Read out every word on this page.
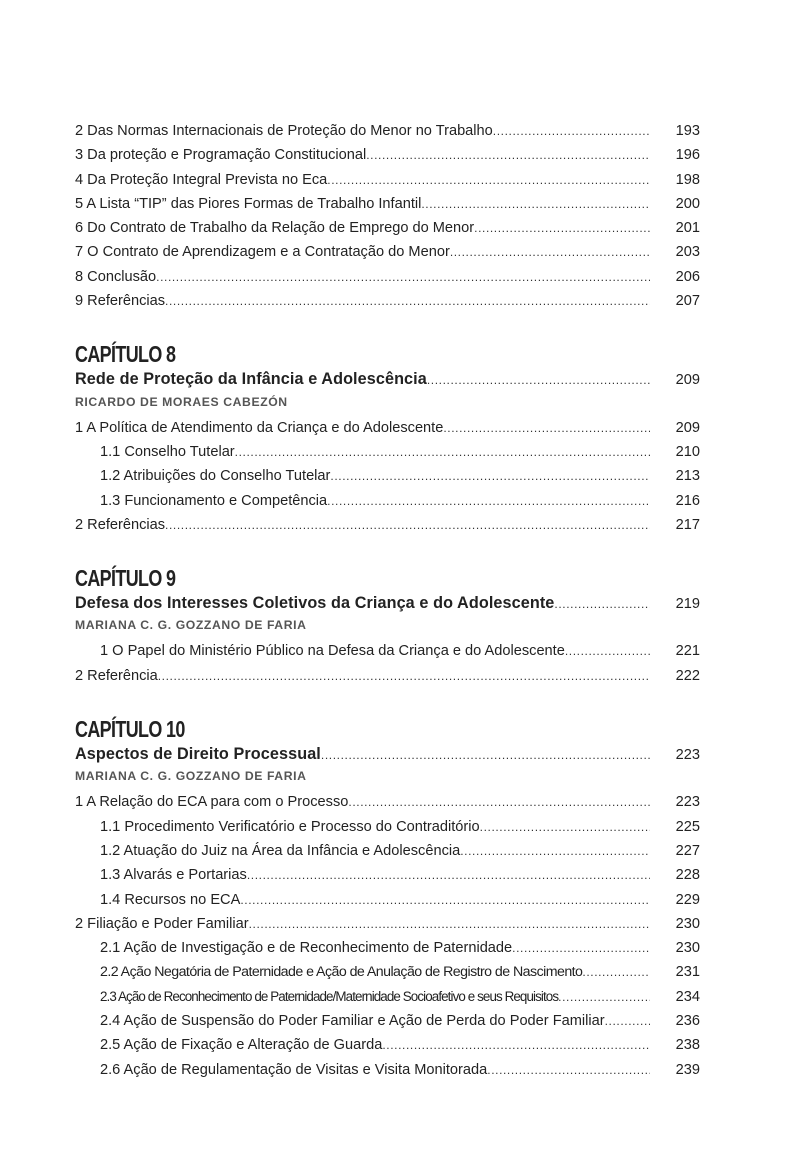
2 Das Normas Internacionais de Proteção do Menor no Trabalho .....	193
3 Da proteção e Programação Constitucional .....	196
4 Da Proteção Integral Prevista no Eca .....	198
5 A Lista “TIP” das Piores Formas de Trabalho Infantil .....	200
6 Do Contrato de Trabalho da Relação de Emprego do Menor .....	201
7 O Contrato de Aprendizagem e a Contratação do Menor .....	203
8 Conclusão .....	206
9 Referências .....	207
CAPÍTULO 8
Rede de Proteção da Infância e Adolescência .....	209
RICARDO DE MORAES CABEZÓN
1 A Política de Atendimento da Criança e do Adolescente .....	209
1.1 Conselho Tutelar .....	210
1.2 Atribuições do Conselho Tutelar .....	213
1.3 Funcionamento e Competência .....	216
2 Referências .....	217
CAPÍTULO 9
Defesa dos Interesses Coletivos da Criança e do Adolescente .....	219
MARIANA C. G. GOZZANO DE FARIA
1 O Papel do Ministério Público na Defesa da Criança e do Adolescente .....	221
2 Referência .....	222
CAPÍTULO 10
Aspectos de Direito Processual .....	223
MARIANA C. G. GOZZANO DE FARIA
1 A Relação do ECA para com o Processo .....	223
1.1 Procedimento Verificatório e Processo do Contraditório .....	225
1.2 Atuação do Juiz na Área da Infância e Adolescência .....	227
1.3 Alvarás e Portarias .....	228
1.4 Recursos no ECA .....	229
2 Filiação e Poder Familiar .....	230
2.1 Ação de Investigação e de Reconhecimento de Paternidade .....	230
2.2 Ação Negatória de Paternidade e Ação de Anulação de Registro de Nascimento .....	231
2.3 Ação de Reconhecimento de Paternidade/Maternidade Socioafetivo e seus Requisitos .....	234
2.4 Ação de Suspensão do Poder Familiar e Ação de Perda do Poder Familiar .....	236
2.5 Ação de Fixação e Alteração de Guarda .....	238
2.6 Ação de Regulamentação de Visitas e Visita Monitorada .....	239
